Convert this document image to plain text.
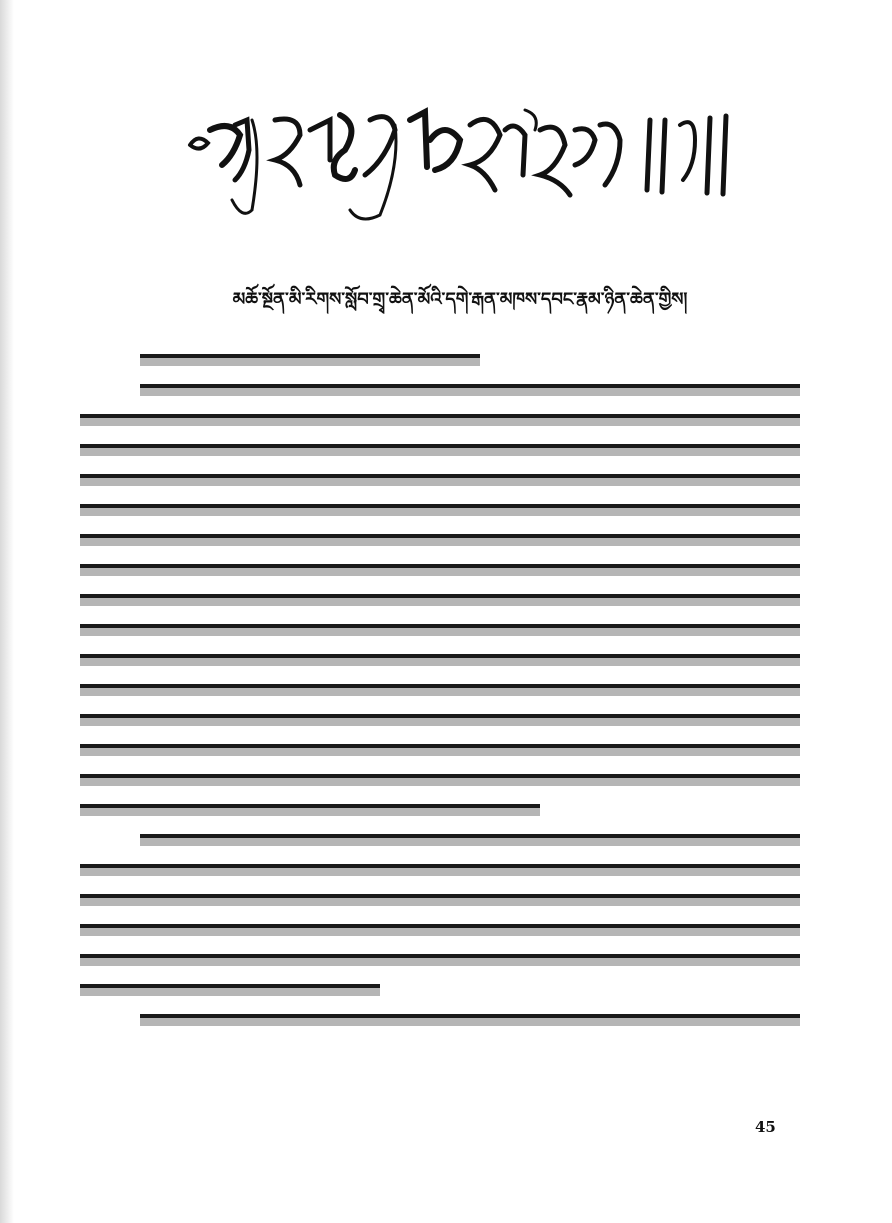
མཆོ་སྔོན་མི་རིགས་སློབ་གྲྭ་ཆེན་མོའི་དགེ་རྒན་མཁས་དབང་རྣམ་ཉིན་ཆེན་གྱིས།
45
